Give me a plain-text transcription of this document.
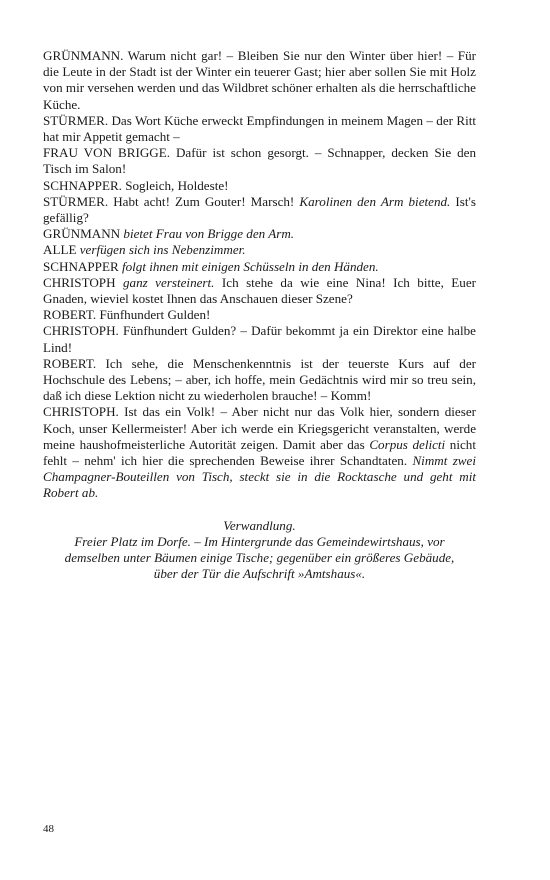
GRÜNMANN. Warum nicht gar! – Bleiben Sie nur den Winter über hier! – Für die Leute in der Stadt ist der Winter ein teuerer Gast; hier aber sollen Sie mit Holz von mir versehen werden und das Wildbret schöner erhalten als die herrschaftliche Küche.

STÜRMER. Das Wort Küche erweckt Empfindungen in meinem Magen – der Ritt hat mir Appetit gemacht –

FRAU VON BRIGGE. Dafür ist schon gesorgt. – Schnapper, decken Sie den Tisch im Salon!

SCHNAPPER. Sogleich, Holdeste!

STÜRMER. Habt acht! Zum Gouter! Marsch! Karolinen den Arm bietend. Ist's gefällig?

GRÜNMANN bietet Frau von Brigge den Arm.

ALLE verfügen sich ins Nebenzimmer.

SCHNAPPER folgt ihnen mit einigen Schüsseln in den Händen.

CHRISTOPH ganz versteinert. Ich stehe da wie eine Nina! Ich bitte, Euer Gnaden, wieviel kostet Ihnen das Anschauen dieser Szene?

ROBERT. Fünfhundert Gulden!

CHRISTOPH. Fünfhundert Gulden? – Dafür bekommt ja ein Direktor eine halbe Lind!

ROBERT. Ich sehe, die Menschenkenntnis ist der teuerste Kurs auf der Hochschule des Lebens; – aber, ich hoffe, mein Gedächtnis wird mir so treu sein, daß ich diese Lektion nicht zu wiederholen brauche! – Komm!

CHRISTOPH. Ist das ein Volk! – Aber nicht nur das Volk hier, sondern dieser Koch, unser Kellermeister! Aber ich werde ein Kriegsgericht veranstalten, werde meine haushofmeisterliche Autorität zeigen. Damit aber das Corpus delicti nicht fehlt – nehm' ich hier die sprechenden Beweise ihrer Schandtaten. Nimmt zwei Champagner-Bouteillen von Tisch, steckt sie in die Rocktasche und geht mit Robert ab.

Verwandlung.

Freier Platz im Dorfe. – Im Hintergrunde das Gemeindewirtshaus, vor

demselben unter Bäumen einige Tische; gegenüber ein größeres Gebäude,

über der Tür die Aufschrift »Amtshaus«.

48
